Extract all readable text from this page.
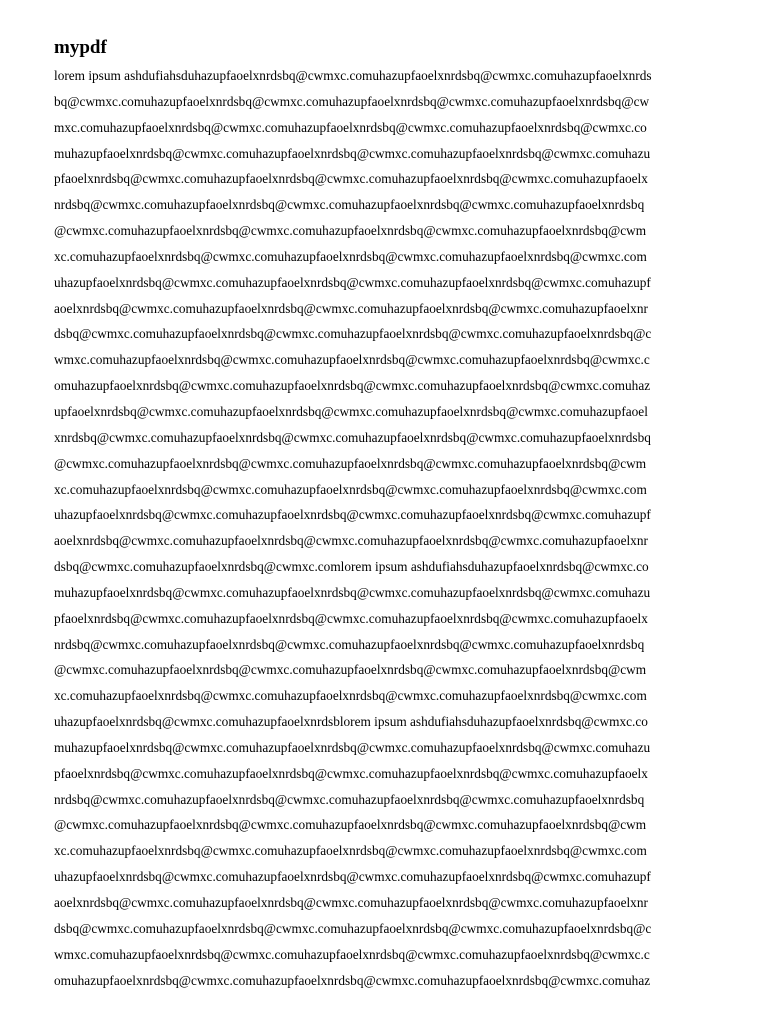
mypdf
lorem ipsum ashdufiahsduhazupfaoelxnrdsbq@cwmxc.comuhazupfaoelxnrdsbq@cwmxc.comuhazupfaoelxnrds
bq@cwmxc.comuhazupfaoelxnrdsbq@cwmxc.comuhazupfaoelxnrdsbq@cwmxc.comuhazupfaoelxnrdsbq@cw
mxc.comuhazupfaoelxnrdsbq@cwmxc.comuhazupfaoelxnrdsbq@cwmxc.comuhazupfaoelxnrdsbq@cwmxc.co
muhazupfaoelxnrdsbq@cwmxc.comuhazupfaoelxnrdsbq@cwmxc.comuhazupfaoelxnrdsbq@cwmxc.comuhazu
pfaoelxnrdsbq@cwmxc.comuhazupfaoelxnrdsbq@cwmxc.comuhazupfaoelxnrdsbq@cwmxc.comuhazupfaoelx
nrdsbq@cwmxc.comuhazupfaoelxnrdsbq@cwmxc.comuhazupfaoelxnrdsbq@cwmxc.comuhazupfaoelxnrdsbq
@cwmxc.comuhazupfaoelxnrdsbq@cwmxc.comuhazupfaoelxnrdsbq@cwmxc.comuhazupfaoelxnrdsbq@cwm
xc.comuhazupfaoelxnrdsbq@cwmxc.comuhazupfaoelxnrdsbq@cwmxc.comuhazupfaoelxnrdsbq@cwmxc.com
uhazupfaoelxnrdsbq@cwmxc.comuhazupfaoelxnrdsbq@cwmxc.comuhazupfaoelxnrdsbq@cwmxc.comuhazupf
aoelxnrdsbq@cwmxc.comuhazupfaoelxnrdsbq@cwmxc.comuhazupfaoelxnrdsbq@cwmxc.comuhazupfaoelxnr
dsbq@cwmxc.comuhazupfaoelxnrdsbq@cwmxc.comuhazupfaoelxnrdsbq@cwmxc.comuhazupfaoelxnrdsbq@c
wmxc.comuhazupfaoelxnrdsbq@cwmxc.comuhazupfaoelxnrdsbq@cwmxc.comuhazupfaoelxnrdsbq@cwmxc.c
omuhazupfaoelxnrdsbq@cwmxc.comuhazupfaoelxnrdsbq@cwmxc.comuhazupfaoelxnrdsbq@cwmxc.comuhaz
upfaoelxnrdsbq@cwmxc.comuhazupfaoelxnrdsbq@cwmxc.comuhazupfaoelxnrdsbq@cwmxc.comuhazupfaoel
xnrdsbq@cwmxc.comuhazupfaoelxnrdsbq@cwmxc.comuhazupfaoelxnrdsbq@cwmxc.comuhazupfaoelxnrdsbq
@cwmxc.comuhazupfaoelxnrdsbq@cwmxc.comuhazupfaoelxnrdsbq@cwmxc.comuhazupfaoelxnrdsbq@cwm
xc.comuhazupfaoelxnrdsbq@cwmxc.comuhazupfaoelxnrdsbq@cwmxc.comuhazupfaoelxnrdsbq@cwmxc.com
uhazupfaoelxnrdsbq@cwmxc.comuhazupfaoelxnrdsbq@cwmxc.comuhazupfaoelxnrdsbq@cwmxc.comuhazupf
aoelxnrdsbq@cwmxc.comuhazupfaoelxnrdsbq@cwmxc.comuhazupfaoelxnrdsbq@cwmxc.comuhazupfaoelxnr
dsbq@cwmxc.comuhazupfaoelxnrdsbq@cwmxc.comlorem ipsum ashdufiahsduhazupfaoelxnrdsbq@cwmxc.co
muhazupfaoelxnrdsbq@cwmxc.comuhazupfaoelxnrdsbq@cwmxc.comuhazupfaoelxnrdsbq@cwmxc.comuhazu
pfaoelxnrdsbq@cwmxc.comuhazupfaoelxnrdsbq@cwmxc.comuhazupfaoelxnrdsbq@cwmxc.comuhazupfaoelx
nrdsbq@cwmxc.comuhazupfaoelxnrdsbq@cwmxc.comuhazupfaoelxnrdsbq@cwmxc.comuhazupfaoelxnrdsbq
@cwmxc.comuhazupfaoelxnrdsbq@cwmxc.comuhazupfaoelxnrdsbq@cwmxc.comuhazupfaoelxnrdsbq@cwm
xc.comuhazupfaoelxnrdsbq@cwmxc.comuhazupfaoelxnrdsbq@cwmxc.comuhazupfaoelxnrdsbq@cwmxc.com
uhazupfaoelxnrdsbq@cwmxc.comuhazupfaoelxnrdsblorem ipsum ashdufiahsduhazupfaoelxnrdsbq@cwmxc.co
muhazupfaoelxnrdsbq@cwmxc.comuhazupfaoelxnrdsbq@cwmxc.comuhazupfaoelxnrdsbq@cwmxc.comuhazu
pfaoelxnrdsbq@cwmxc.comuhazupfaoelxnrdsbq@cwmxc.comuhazupfaoelxnrdsbq@cwmxc.comuhazupfaoelx
nrdsbq@cwmxc.comuhazupfaoelxnrdsbq@cwmxc.comuhazupfaoelxnrdsbq@cwmxc.comuhazupfaoelxnrdsbq
@cwmxc.comuhazupfaoelxnrdsbq@cwmxc.comuhazupfaoelxnrdsbq@cwmxc.comuhazupfaoelxnrdsbq@cwm
xc.comuhazupfaoelxnrdsbq@cwmxc.comuhazupfaoelxnrdsbq@cwmxc.comuhazupfaoelxnrdsbq@cwmxc.com
uhazupfaoelxnrdsbq@cwmxc.comuhazupfaoelxnrdsbq@cwmxc.comuhazupfaoelxnrdsbq@cwmxc.comuhazupf
aoelxnrdsbq@cwmxc.comuhazupfaoelxnrdsbq@cwmxc.comuhazupfaoelxnrdsbq@cwmxc.comuhazupfaoelxnr
dsbq@cwmxc.comuhazupfaoelxnrdsbq@cwmxc.comuhazupfaoelxnrdsbq@cwmxc.comuhazupfaoelxnrdsbq@c
wmxc.comuhazupfaoelxnrdsbq@cwmxc.comuhazupfaoelxnrdsbq@cwmxc.comuhazupfaoelxnrdsbq@cwmxc.c
omuhazupfaoelxnrdsbq@cwmxc.comuhazupfaoelxnrdsbq@cwmxc.comuhazupfaoelxnrdsbq@cwmxc.comuhaz
